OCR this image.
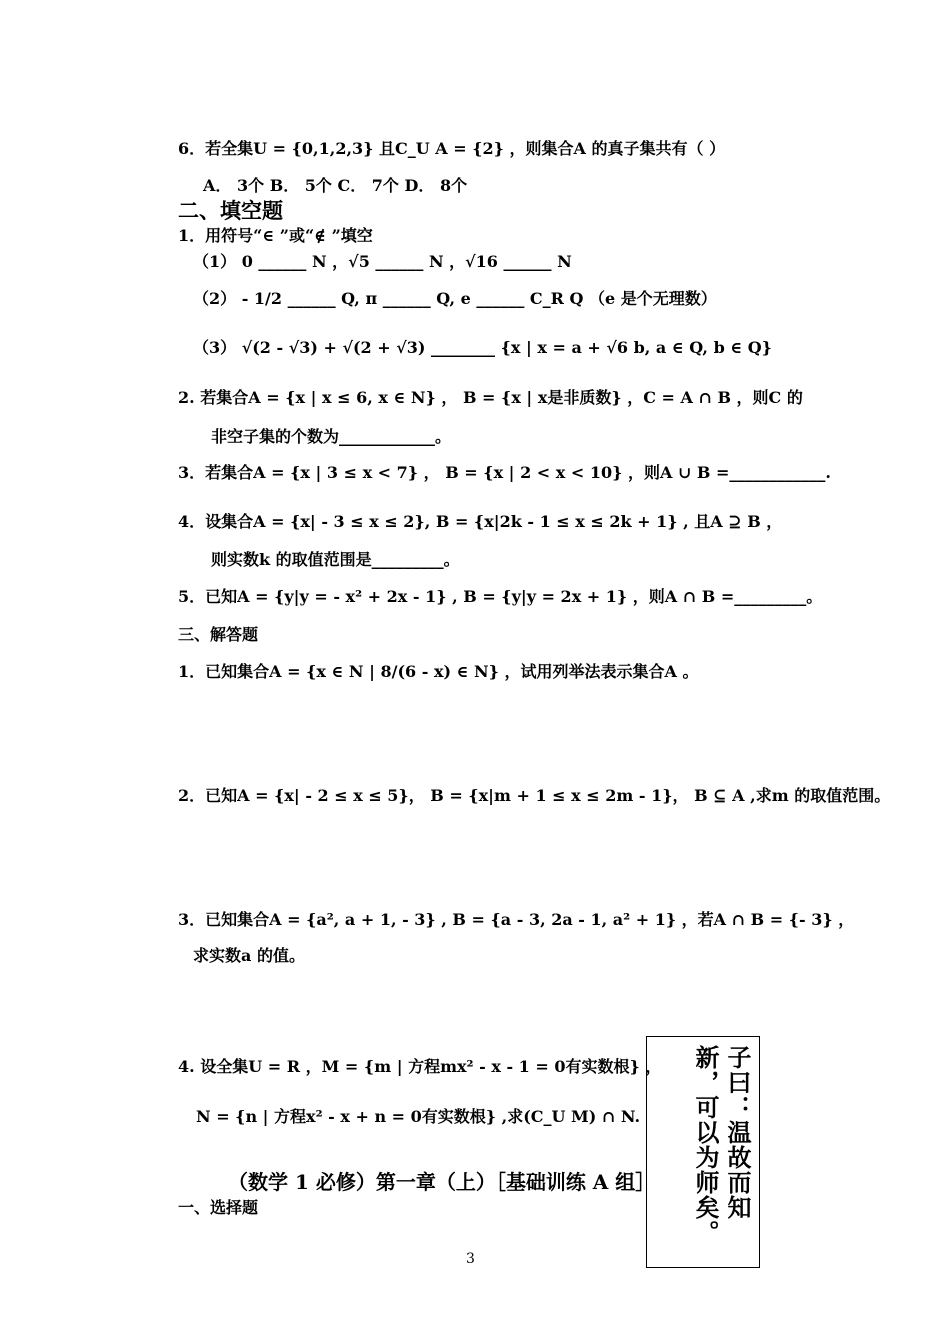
6．若全集U = {0,1,2,3} 且C_U A = {2} ，则集合A 的真子集共有（ ）
A． 3个 B． 5个 C． 7个 D． 8个
二、填空题
1．用符号“∈ ”或“∉ ”填空
（1） 0 ______ N ，√5 ______ N ，√16 ______ N
（2） - 1/2 ______ Q, π ______ Q, e ______ C_R Q （e 是个无理数）
（3） √(2 - √3) + √(2 + √3) ________ {x | x = a + √6 b, a ∈ Q, b ∈ Q}
2. 若集合A = {x | x ≤ 6, x ∈ N} ， B = {x | x是非质数} ，C = A ∩ B ，则C 的
非空子集的个数为____________。
3．若集合A = {x | 3 ≤ x < 7} ， B = {x | 2 < x < 10} ，则A ∪ B =____________.
4．设集合A = {x| - 3 ≤ x ≤ 2}, B = {x|2k - 1 ≤ x ≤ 2k + 1} , 且A ⊇ B ，
则实数k 的取值范围是_________。
5．已知A = {y|y = - x² + 2x - 1} , B = {y|y = 2x + 1} ，则A ∩ B =_________。
三、解答题
1．已知集合A = {x ∈ N | 8/(6 - x) ∈ N} ，试用列举法表示集合A 。
2．已知A = {x| - 2 ≤ x ≤ 5}， B = {x|m + 1 ≤ x ≤ 2m - 1}， B ⊆ A ,求m 的取值范围。
3．已知集合A = {a², a + 1, - 3} , B = {a - 3, 2a - 1, a² + 1} ，若A ∩ B = {- 3} ，
求实数a 的值。
4. 设全集U = R ，M = {m | 方程mx² - x - 1 = 0有实数根} ，
N = {n | 方程x² - x + n = 0有实数根} ,求(C_U M) ∩ N.	子曰：温故而知新，可以为师矣。
（数学 1 必修）第一章（上）［基础训练 A 组］
一、选择题
3
